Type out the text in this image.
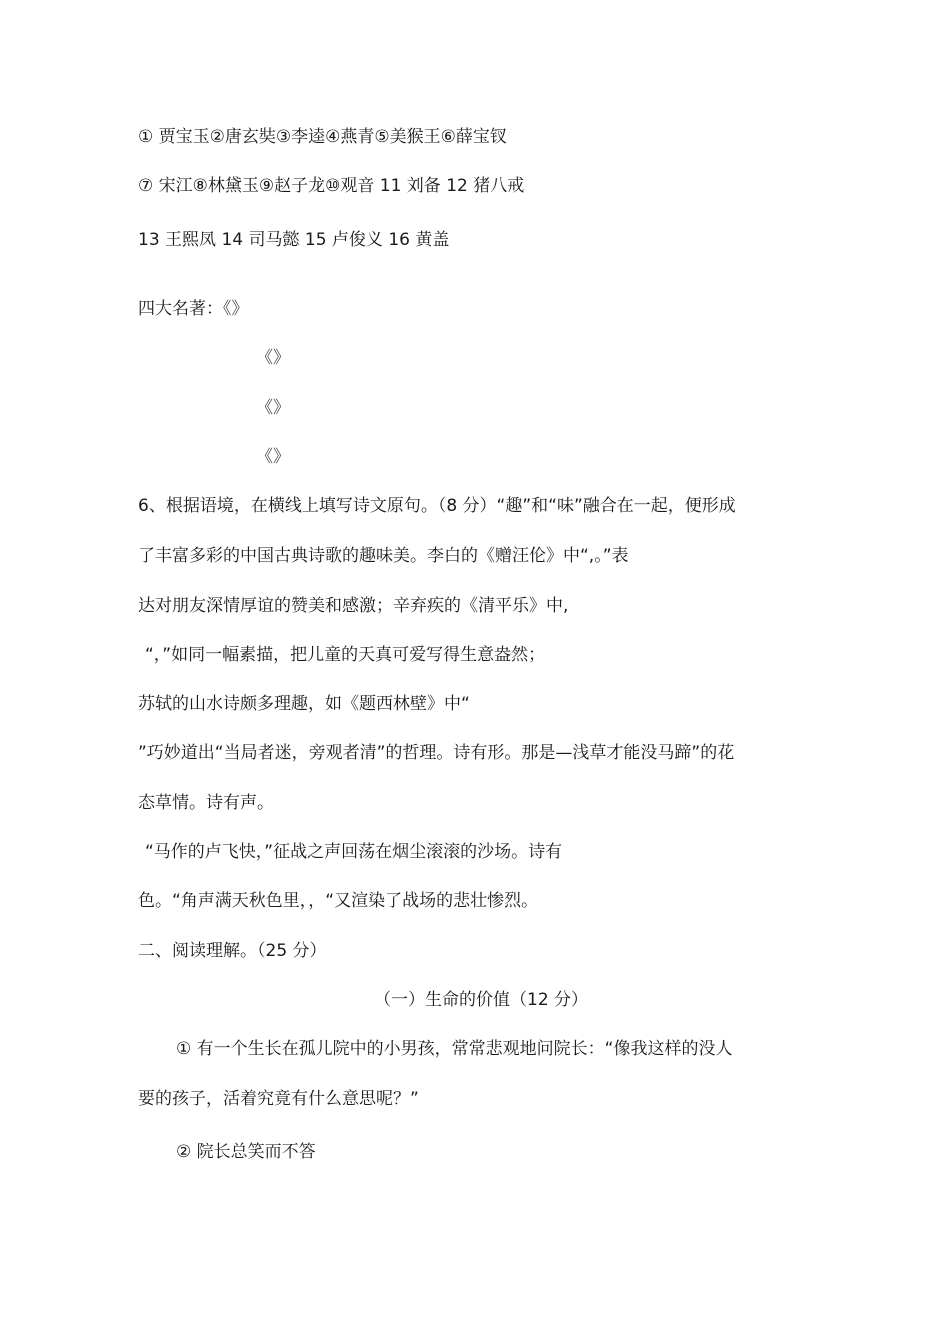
① 贾宝玉②唐玄奘③李逵④燕青⑤美猴王⑥薛宝钗
⑦ 宋江⑧林黛玉⑨赵子龙⑩观音 11 刘备 12 猪八戒
13 王熙凤 14 司马懿 15 卢俊义 16 黄盖
四大名著：《》
《》
《》
《》
6、根据语境，在横线上填写诗文原句。（8 分）“趣”和“味”融合在一起，便形成
了丰富多彩的中国古典诗歌的趣味美。李白的《赠汪伦》中“,。”表
达对朋友深情厚谊的赞美和感激；辛弃疾的《清平乐》中,
“，”如同一幅素描，把儿童的天真可爱写得生意盎然；
苏轼的山水诗颇多理趣，如《题西林壁》中“
”巧妙道出“当局者迷，旁观者清”的哲理。诗有形。那是—浅草才能没马蹄”的花
态草情。诗有声。
“马作的卢飞快，”征战之声回荡在烟尘滚滚的沙场。诗有
色。“角声满天秋色里，，“又渲染了战场的悲壮惨烈。
二、阅读理解。（25 分）
（一）生命的价值（12 分）
① 有一个生长在孤儿院中的小男孩，常常悲观地问院长：“像我这样的没人
要的孩子，活着究竟有什么意思呢？”
② 院长总笑而不答
